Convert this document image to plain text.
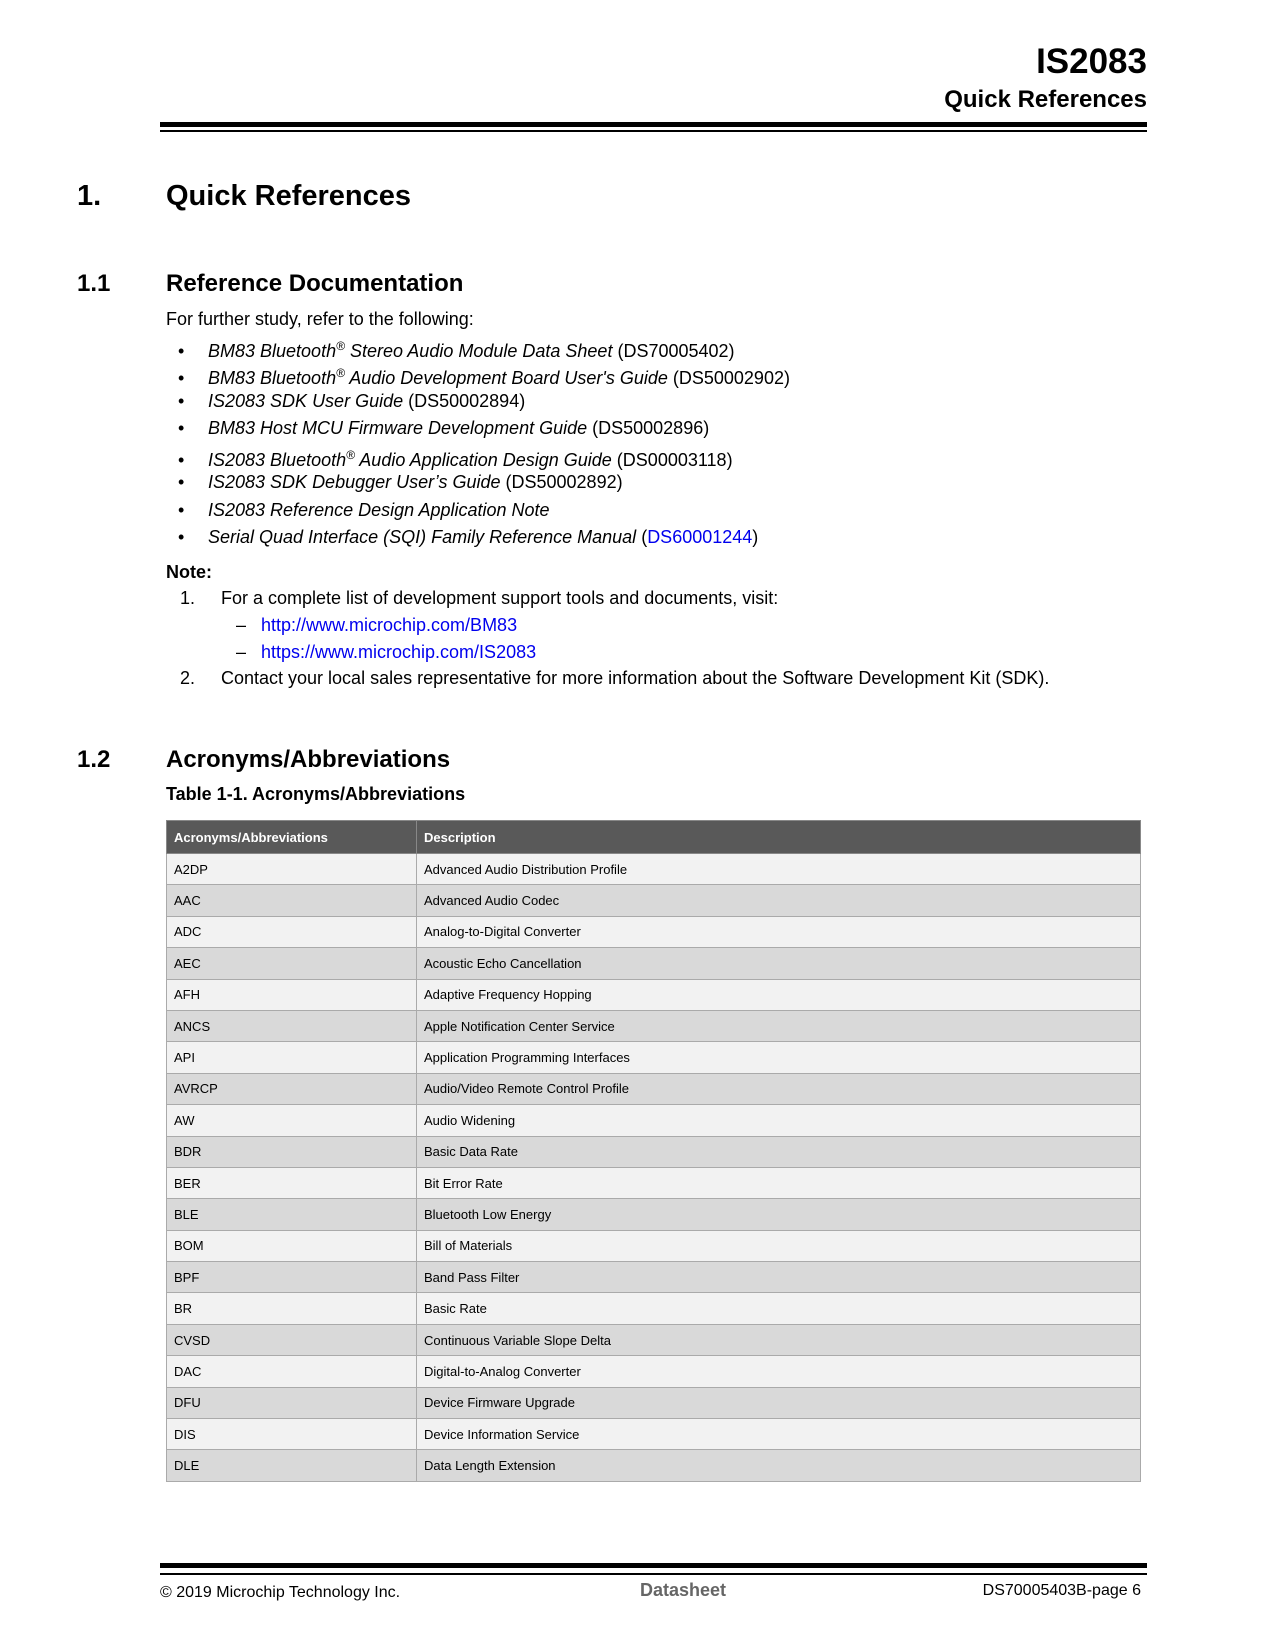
IS2083
Quick References
1. Quick References
1.1 Reference Documentation
For further study, refer to the following:
• BM83 Bluetooth® Stereo Audio Module Data Sheet (DS70005402)
• BM83 Bluetooth® Audio Development Board User's Guide (DS50002902)
• IS2083 SDK User Guide (DS50002894)
• BM83 Host MCU Firmware Development Guide (DS50002896)
• IS2083 Bluetooth® Audio Application Design Guide (DS00003118)
• IS2083 SDK Debugger User’s Guide (DS50002892)
• IS2083 Reference Design Application Note
• Serial Quad Interface (SQI) Family Reference Manual (DS60001244)
Note:
1. For a complete list of development support tools and documents, visit:
– http://www.microchip.com/BM83
– https://www.microchip.com/IS2083
2. Contact your local sales representative for more information about the Software Development Kit (SDK).
1.2 Acronyms/Abbreviations
Table 1-1. Acronyms/Abbreviations
Acronyms/Abbreviations	Description
A2DP	Advanced Audio Distribution Profile
AAC	Advanced Audio Codec
ADC	Analog-to-Digital Converter
AEC	Acoustic Echo Cancellation
AFH	Adaptive Frequency Hopping
ANCS	Apple Notification Center Service
API	Application Programming Interfaces
AVRCP	Audio/Video Remote Control Profile
AW	Audio Widening
BDR	Basic Data Rate
BER	Bit Error Rate
BLE	Bluetooth Low Energy
BOM	Bill of Materials
BPF	Band Pass Filter
BR	Basic Rate
CVSD	Continuous Variable Slope Delta
DAC	Digital-to-Analog Converter
DFU	Device Firmware Upgrade
DIS	Device Information Service
DLE	Data Length Extension
© 2019 Microchip Technology Inc.	Datasheet	DS70005403B-page 6
